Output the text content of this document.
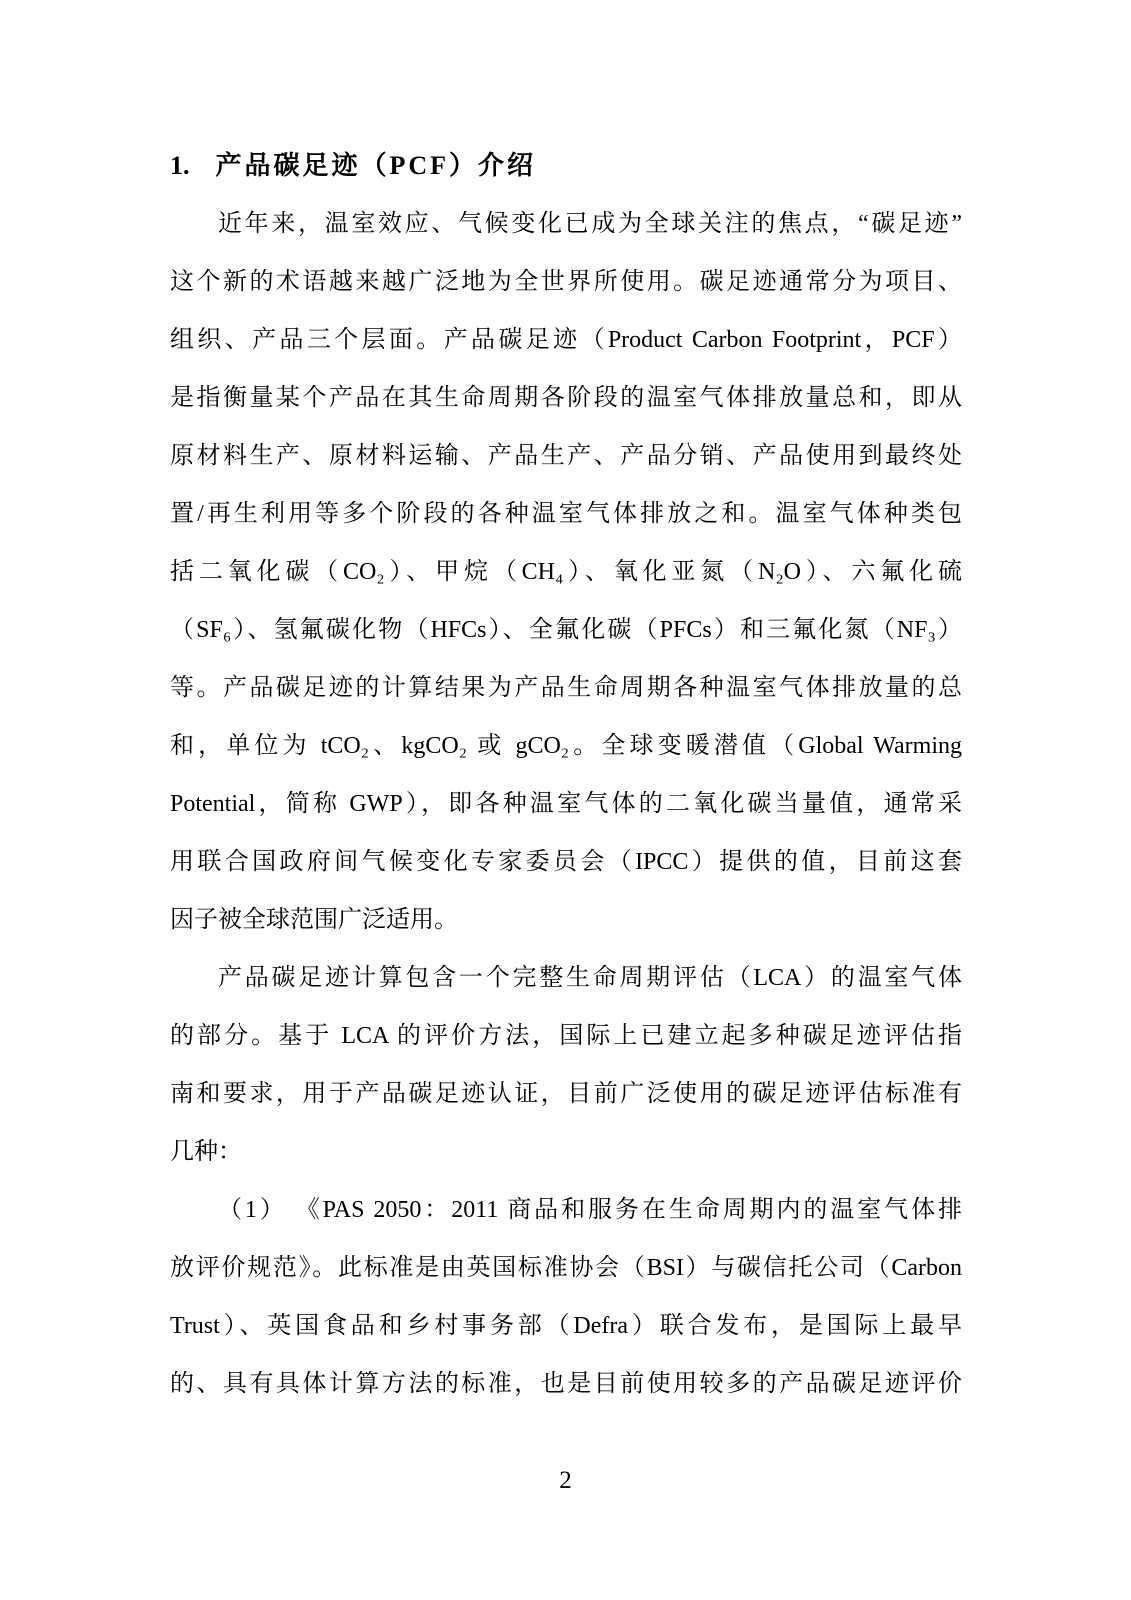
1. 产品碳足迹（PCF）介绍
近年来，温室效应、气候变化已成为全球关注的焦点，“碳足迹”
这个新的术语越来越广泛地为全世界所使用。碳足迹通常分为项目、
组织、产品三个层面。产品碳足迹（Product Carbon Footprint，PCF）
是指衡量某个产品在其生命周期各阶段的温室气体排放量总和，即从
原材料生产、原材料运输、产品生产、产品分销、产品使用到最终处
置/再生利用等多个阶段的各种温室气体排放之和。温室气体种类包
括二氧化碳（CO₂）、甲烷（CH₄）、氧化亚氮（N₂O）、六氟化硫
（SF₆）、氢氟碳化物（HFCs）、全氟化碳（PFCs）和三氟化氮（NF₃）
等。产品碳足迹的计算结果为产品生命周期各种温室气体排放量的总
和，单位为 tCO₂、kgCO₂ 或 gCO₂。全球变暖潜值（Global Warming
Potential，简称 GWP），即各种温室气体的二氧化碳当量值，通常采
用联合国政府间气候变化专家委员会（IPCC）提供的值，目前这套
因子被全球范围广泛适用。
产品碳足迹计算包含一个完整生命周期评估（LCA）的温室气体
的部分。基于 LCA 的评价方法，国际上已建立起多种碳足迹评估指
南和要求，用于产品碳足迹认证，目前广泛使用的碳足迹评估标准有
几种：
（1） 《PAS 2050：2011 商品和服务在生命周期内的温室气体排
放评价规范》。此标准是由英国标准协会（BSI）与碳信托公司（Carbon
Trust）、英国食品和乡村事务部（Defra）联合发布，是国际上最早
的、具有具体计算方法的标准，也是目前使用较多的产品碳足迹评价
2
